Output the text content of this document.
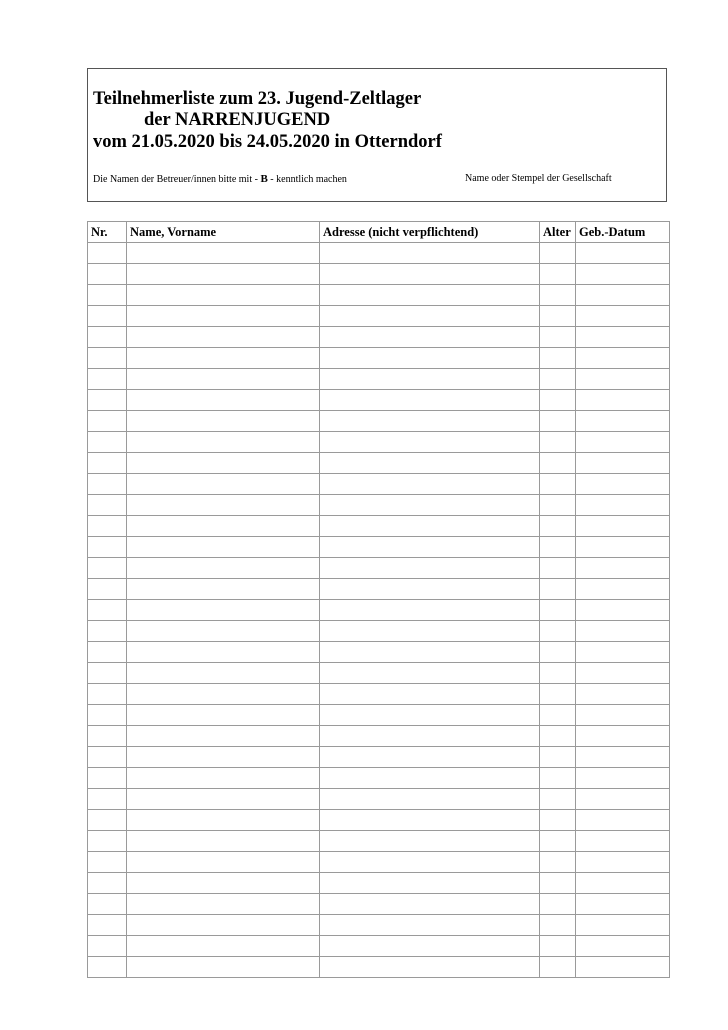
Teilnehmerliste zum 23. Jugend-Zeltlager
der NARRENJUGEND
vom 21.05.2020 bis 24.05.2020 in Otterndorf
Die Namen der Betreuer/innen bitte mit - B - kenntlich machen	Name oder Stempel der Gesellschaft
Nr.	Name, Vorname	Adresse (nicht verpflichtend)	Alter	Geb.-Datum
